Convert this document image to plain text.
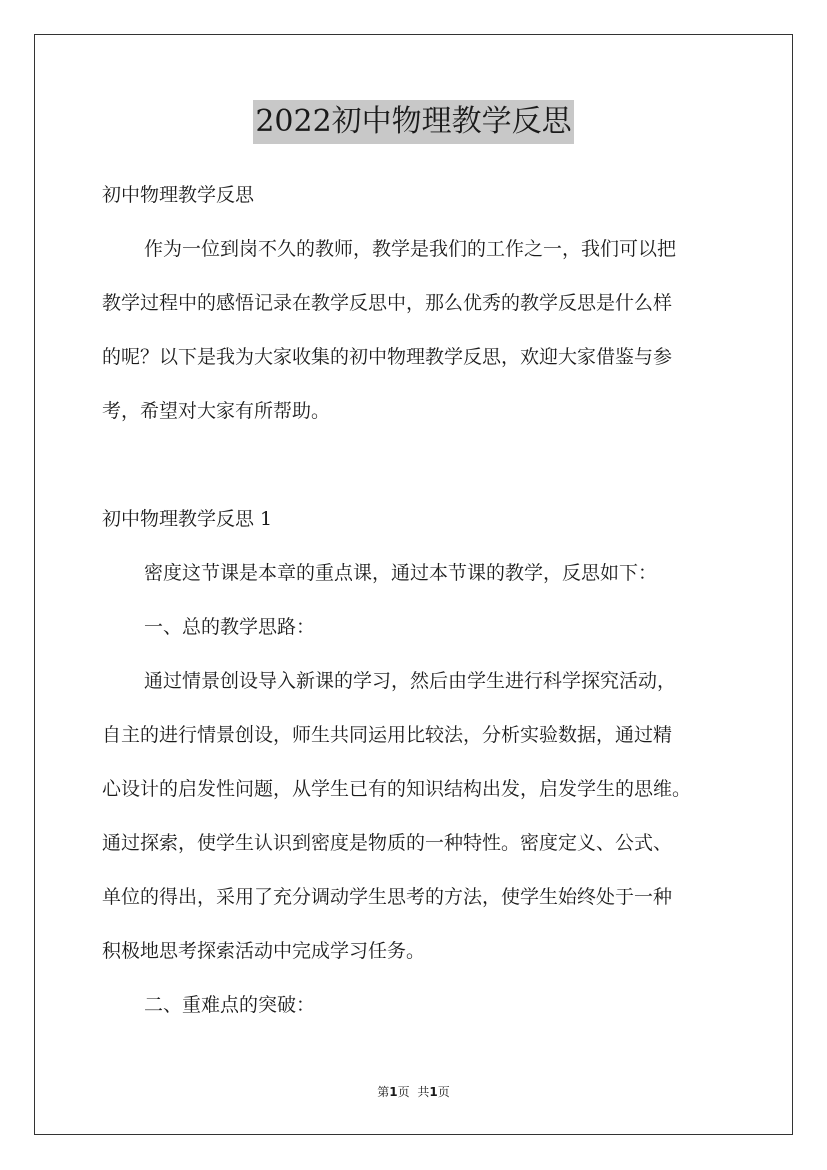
2022初中物理教学反思
初中物理教学反思
作为一位到岗不久的教师，教学是我们的工作之一，我们可以把
教学过程中的感悟记录在教学反思中，那么优秀的教学反思是什么样
的呢？以下是我为大家收集的初中物理教学反思，欢迎大家借鉴与参
考，希望对大家有所帮助。
初中物理教学反思 1
密度这节课是本章的重点课，通过本节课的教学，反思如下：
一、总的教学思路：
通过情景创设导入新课的学习，然后由学生进行科学探究活动，
自主的进行情景创设，师生共同运用比较法，分析实验数据，通过精
心设计的启发性问题，从学生已有的知识结构出发，启发学生的思维。
通过探索，使学生认识到密度是物质的一种特性。密度定义、公式、
单位的得出，采用了充分调动学生思考的方法，使学生始终处于一种
积极地思考探索活动中完成学习任务。
二、重难点的突破：
第1页 共1页
